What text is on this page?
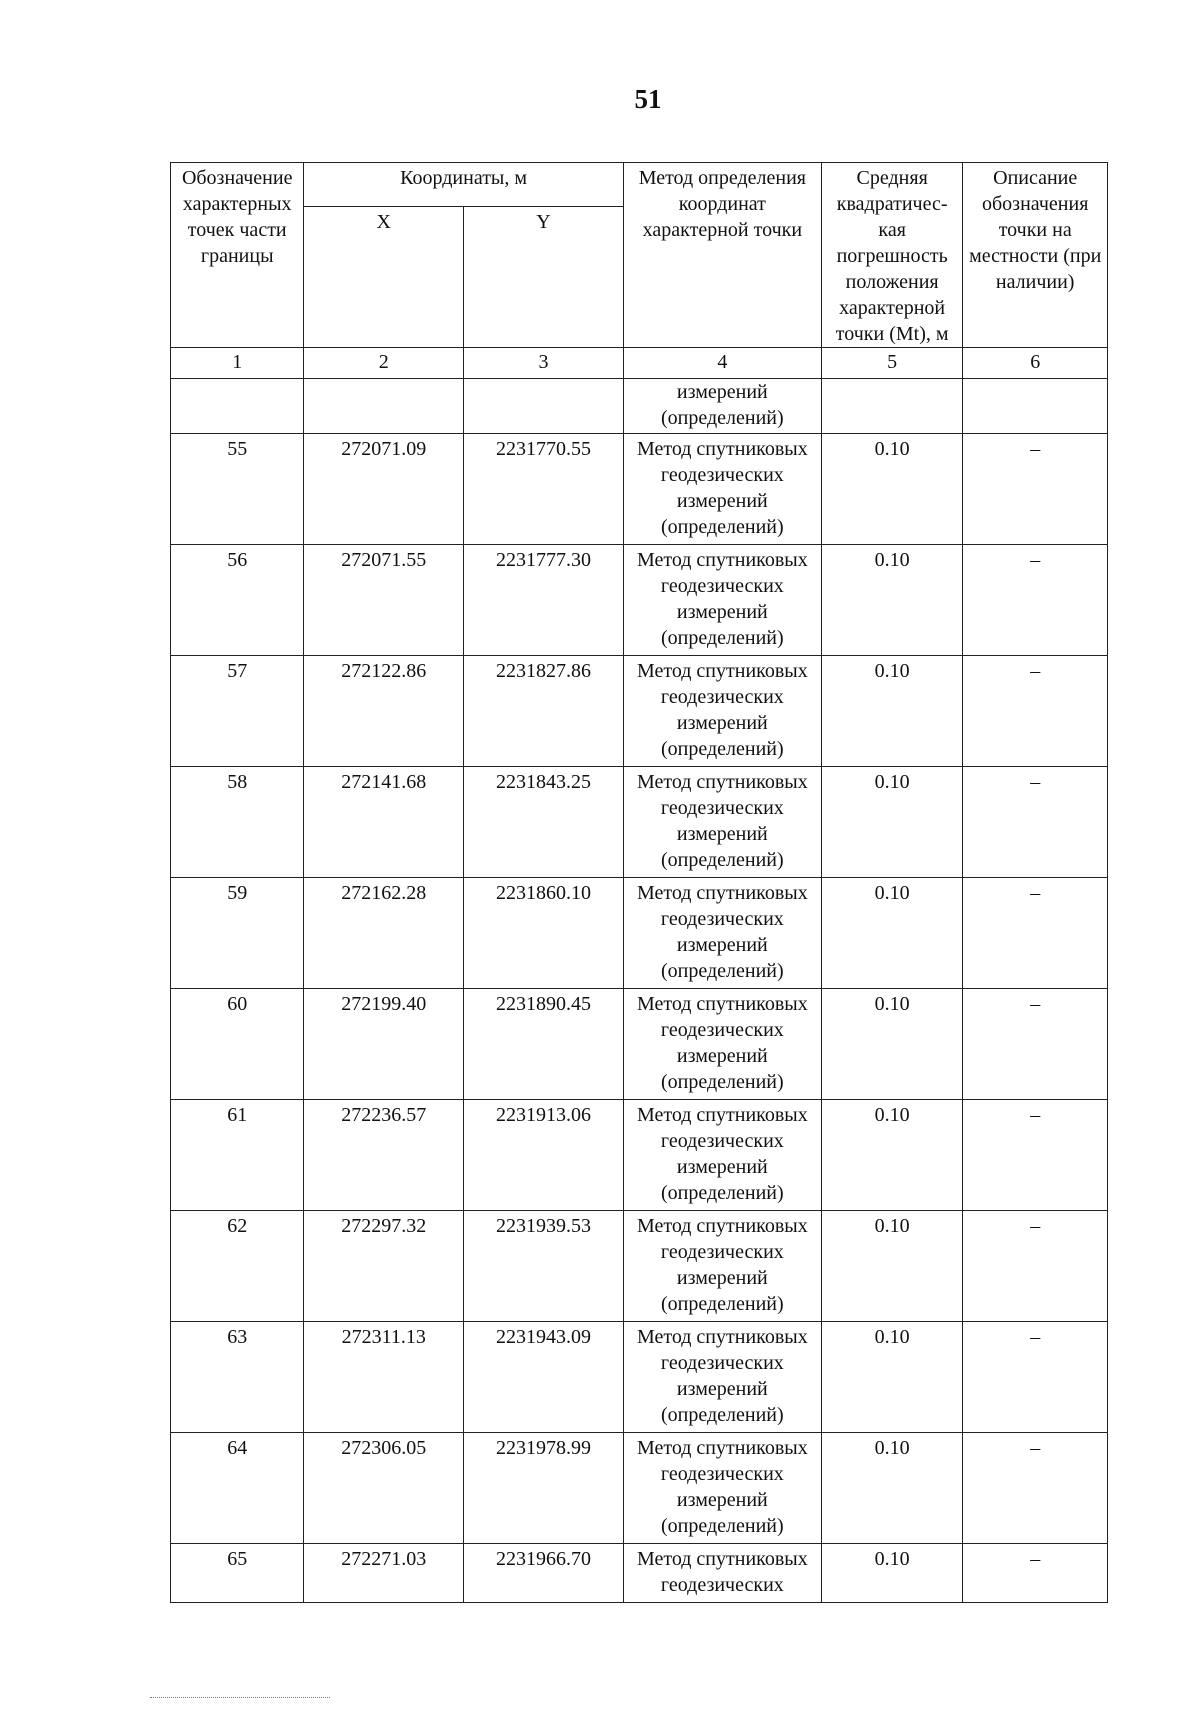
51
Обозначение характерных точек части границы	Координаты, м		Метод определения координат характерной точки	Средняя квадратичес-кая погрешность положения характерной точки (Mt), м	Описание обозначения точки на местности (при наличии)
	X	Y			
1	2	3	4	5	6
			измерений
(определений)		
55	272071.09	2231770.55	Метод спутниковых
геодезических
измерений
(определений)	0.10	–
56	272071.55	2231777.30	Метод спутниковых
геодезических
измерений
(определений)	0.10	–
57	272122.86	2231827.86	Метод спутниковых
геодезических
измерений
(определений)	0.10	–
58	272141.68	2231843.25	Метод спутниковых
геодезических
измерений
(определений)	0.10	–
59	272162.28	2231860.10	Метод спутниковых
геодезических
измерений
(определений)	0.10	–
60	272199.40	2231890.45	Метод спутниковых
геодезических
измерений
(определений)	0.10	–
61	272236.57	2231913.06	Метод спутниковых
геодезических
измерений
(определений)	0.10	–
62	272297.32	2231939.53	Метод спутниковых
геодезических
измерений
(определений)	0.10	–
63	272311.13	2231943.09	Метод спутниковых
геодезических
измерений
(определений)	0.10	–
64	272306.05	2231978.99	Метод спутниковых
геодезических
измерений
(определений)	0.10	–
65	272271.03	2231966.70	Метод спутниковых
геодезических	0.10	–
